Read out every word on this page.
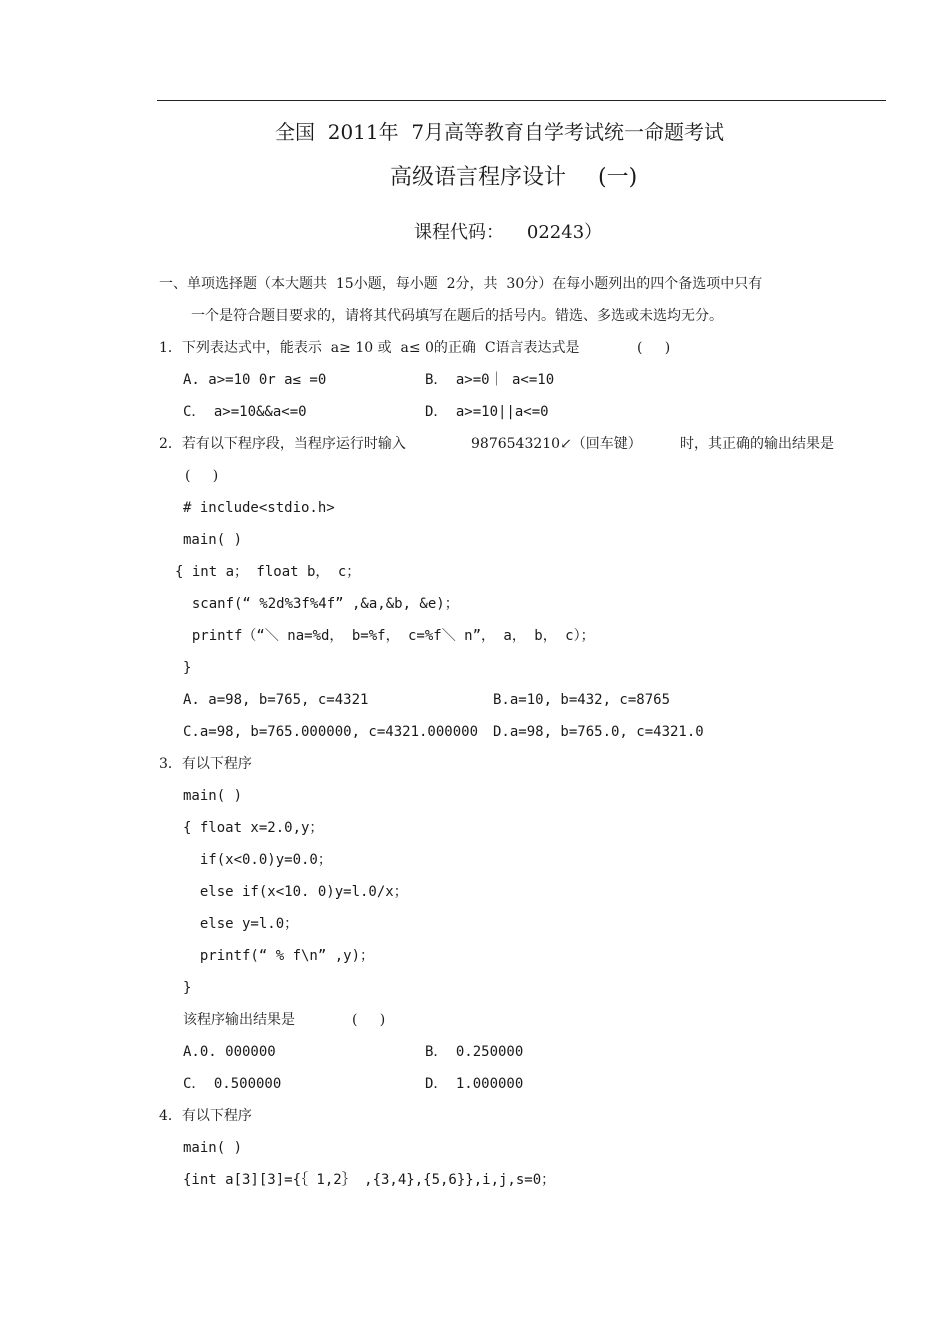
全国  2011年  7月高等教育自学考试统一命题考试
高级语言程序设计 (一)
课程代码：    02243）
一、单项选择题（本大题共  15小题，每小题  2分，共  30分）在每小题列出的四个备选项中只有
一个是符合题目要求的，请将其代码填写在题后的括号内。错选、多选或未选均无分。
1．下列表达式中，能表示  a≥ 10 或  a≤ 0的正确  C语言表达式是	(     )
A. a>=10 0r a≤ =0	B． a>=0｜ a<=10
C． a>=10&&a<=0	D． a>=10||a<=0
2．若有以下程序段，当程序运行时输入	9876543210↙（回车键）	时，其正确的输出结果是
(     )
# include<stdio.h>
main( )
{ int a； float b， c；
scanf(“ %2d%3f%4f” ,&a,&b, &e)；
printf（“＼ na=%d， b=%f， c=%f＼ n”， a， b， c）；
}
A. a=98, b=765, c=4321	B.a=10, b=432, c=8765
C.a=98, b=765.000000, c=4321.000000 D.a=98, b=765.0, c=4321.0
3．有以下程序
main( )
{ float x=2.0,y；
if(x<0.0)y=0.0；
else if(x<10. 0)y=l.0/x；
else y=l.0；
printf(“ % f\n” ,y)；
}
该程序输出结果是	(     )
A.0. 000000	B． 0.250000
C． 0.500000	D． 1.000000
4．有以下程序
main( )
{int a[3][3]={｛ 1,2｝ ,{3,4},{5,6}},i,j,s=0；
